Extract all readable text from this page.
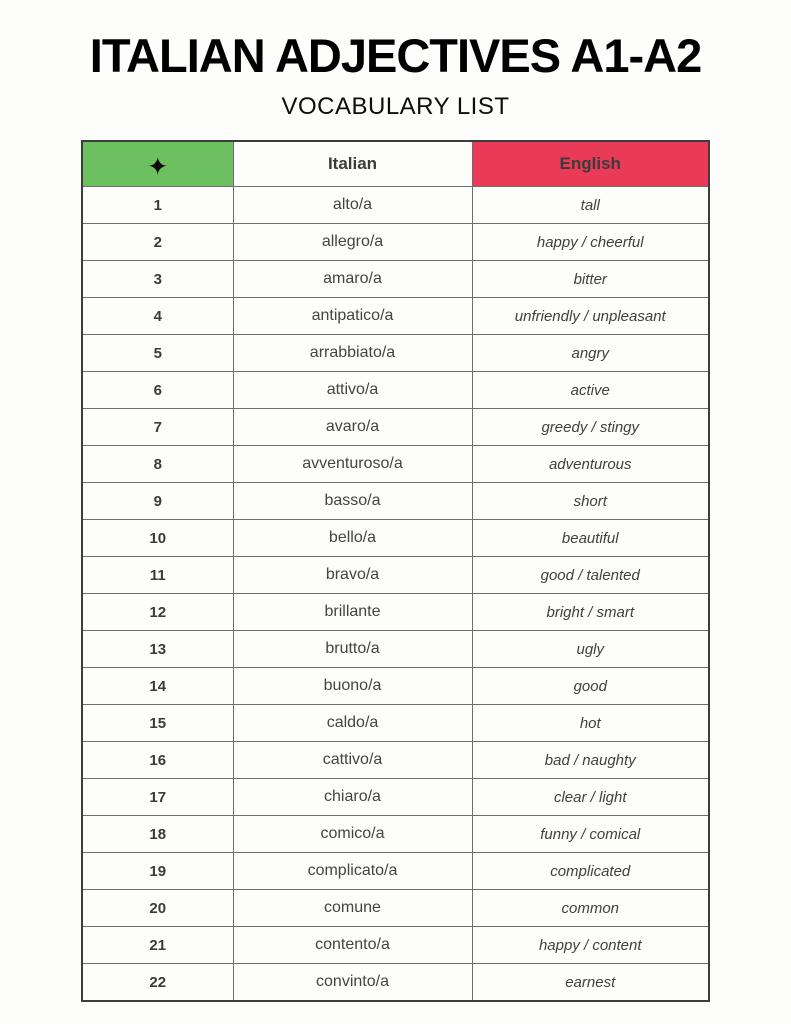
ITALIAN ADJECTIVES A1-A2
VOCABULARY LIST
✦	Italian	English
1	alto/a	tall
2	allegro/a	happy / cheerful
3	amaro/a	bitter
4	antipatico/a	unfriendly / unpleasant
5	arrabbiato/a	angry
6	attivo/a	active
7	avaro/a	greedy / stingy
8	avventuroso/a	adventurous
9	basso/a	short
10	bello/a	beautiful
11	bravo/a	good / talented
12	brillante	bright / smart
13	brutto/a	ugly
14	buono/a	good
15	caldo/a	hot
16	cattivo/a	bad / naughty
17	chiaro/a	clear / light
18	comico/a	funny / comical
19	complicato/a	complicated
20	comune	common
21	contento/a	happy / content
22	convinto/a	earnest
